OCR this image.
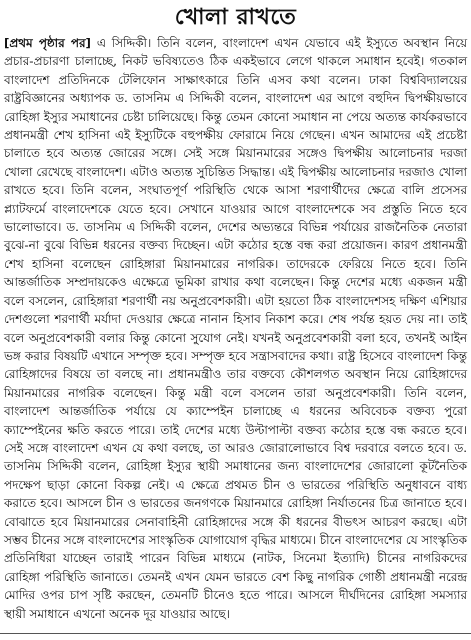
খোলা রাখতে

[প্রথম পৃষ্ঠার পর] এ সিদ্দিকী। তিনি বলেন, বাংলাদেশ এখন যেভাবে এই ইস্যুতে অবস্থান নিয়ে প্রচার-প্রচারণা চালাচ্ছে, নিকট ভবিষ্যতেও ঠিক একইভাবে লেগে থাকলে সমাধান হবেই। গতকাল বাংলাদেশ প্রতিদিনকে টেলিফোন সাক্ষাৎকারে তিনি এসব কথা বলেন। ঢাকা বিশ্ববিদ্যালয়ের রাষ্ট্রবিজ্ঞানের অধ্যাপক ড. তাসনিম এ সিদ্দিকী বলেন, বাংলাদেশ এর আগে বহুদিন দ্বিপক্ষীয়ভাবে রোহিঙ্গা ইস্যুর সমাধানের চেষ্টা চালিয়েছে। কিন্তু তেমন কোনো সমাধান না পেয়ে অত্যন্ত কার্যকরভাবে প্রধানমন্ত্রী শেখ হাসিনা এই ইস্যুটিকে বহুপক্ষীয় ফোরামে নিয়ে গেছেন। এখন আমাদের এই প্রচেষ্টা চালাতে হবে অত্যন্ত জোরের সঙ্গে। সেই সঙ্গে মিয়ানমারের সঙ্গেও দ্বিপক্ষীয় আলোচনার দরজা খোলা রেখেছে বাংলাদেশ। এটাও অত্যন্ত সুচিন্তিত সিদ্ধান্ত। এই দ্বিপক্ষীয় আলোচনার দরজাও খোলা রাখতে হবে। তিনি বলেন, সংঘাতপূর্ণ পরিস্থিতি থেকে আসা শরণার্থীদের ক্ষেত্রে বালি প্রসেসর প্ল্যাটফর্মে বাংলাদেশকে যেতে হবে। সেখানে যাওয়ার আগে বাংলাদেশকে সব প্রস্তুতি নিতে হবে ভালোভাবে। ড. তাসনিম এ সিদ্দিকী বলেন, দেশের অভ্যন্তরে বিভিন্ন পর্যায়ের রাজনৈতিক নেতারা বুঝে-না বুঝে বিভিন্ন ধরনের বক্তব্য দিচ্ছেন। এটা কঠোর হস্তে বন্ধ করা প্রয়োজন। কারণ প্রধানমন্ত্রী শেখ হাসিনা বলেছেন রোহিঙ্গারা মিয়ানমারের নাগরিক। তাদেরকে ফেরিয়ে নিতে হবে। তিনি আন্তর্জাতিক সম্প্রদায়কেও এক্ষেত্রে ভূমিকা রাখার কথা বলেছেন। কিন্তু দেশের মধ্যে একজন মন্ত্রী বলে বসলেন, রোহিঙ্গারা শরণার্থী নয় অনুপ্রবেশকারী। এটা হয়তো ঠিক বাংলাদেশসহ দক্ষিণ এশিয়ার দেশগুলো শরণার্থী মর্যাদা দেওয়ার ক্ষেত্রে নানান হিসাব নিকাশ করে। শেষ পর্যন্ত হয়ত দেয় না। তাই বলে অনুপ্রবেশকারী বলার কিন্তু কোনো সুযোগ নেই। যখনই অনুপ্রবেশকারী বলা হবে, তখনই আইন ভঙ্গ করার বিষয়টি এখানে সম্পৃক্ত হবে। সম্পৃক্ত হবে সন্ত্রাসবাদের কথা। রাষ্ট্র হিসেবে বাংলাদেশ কিন্তু রোহিঙ্গাদের বিষয়ে তা বলছে না। প্রধানমন্ত্রীও তার বক্তব্যে কৌশলগত অবস্থান নিয়ে রোহিঙ্গাদের মিয়ানমারের নাগরিক বলেছেন। কিন্তু মন্ত্রী বলে বসলেন তারা অনুপ্রবেশকারী। তিনি বলেন, বাংলাদেশ আন্তর্জাতিক পর্যায়ে যে ক্যাম্পেইন চালাচ্ছে এ ধরনের অবিবেচক বক্তব্য পুরো ক্যাম্পেইনের ক্ষতি করতে পারে। তাই দেশের মধ্যে উল্টাপাল্টা বক্তব্য কঠোর হস্তে বন্ধ করতে হবে। সেই সঙ্গে বাংলাদেশ এখন যে কথা বলছে, তা আরও জোরালোভাবে বিশ্ব দরবারে বলতে হবে। ড. তাসনিম সিদ্দিকী বলেন, রোহিঙ্গা ইস্যুর স্থায়ী সমাধানের জন্য বাংলাদেশের জোরালো কূটনৈতিক পদক্ষেপ ছাড়া কোনো বিকল্প নেই। এ ক্ষেত্রে প্রথমত চীন ও ভারতের পরিস্থিতি অনুধাবনে বাধ্য করাতে হবে। আসলে চীন ও ভারতের জনগণকে মিয়ানমারে রোহিঙ্গা নির্যাতনের চিত্র জানাতে হবে। বোঝাতে হবে মিয়ানমারের সেনাবাহিনী রোহিঙ্গাদের সঙ্গে কী ধরনের বীভৎস আচরণ করছে। এটা সম্ভব চীনের সঙ্গে বাংলাদেশের সাংস্কৃতিক যোগাযোগ বৃদ্ধির মাধ্যমে। চীনে বাংলাদেশের যে সাংস্কৃতিক প্রতিনিধিরা যাচ্ছেন তারাই পারেন বিভিন্ন মাধ্যমে (নাটক, সিনেমা ইত্যাদি) চীনের নাগরিকদের রোহিঙ্গা পরিস্থিতি জানাতে। তেমনই এখন যেমন ভারতে বেশ কিছু নাগরিক গোষ্ঠী প্রধানমন্ত্রী নরেন্দ্র মোদির ওপর চাপ সৃষ্টি করছেন, তেমনটি চীনেও হতে পারে। আসলে দীর্ঘদিনের রোহিঙ্গা সমস্যার স্থায়ী সমাধানে এখনো অনেক দূর যাওয়ার আছে।
